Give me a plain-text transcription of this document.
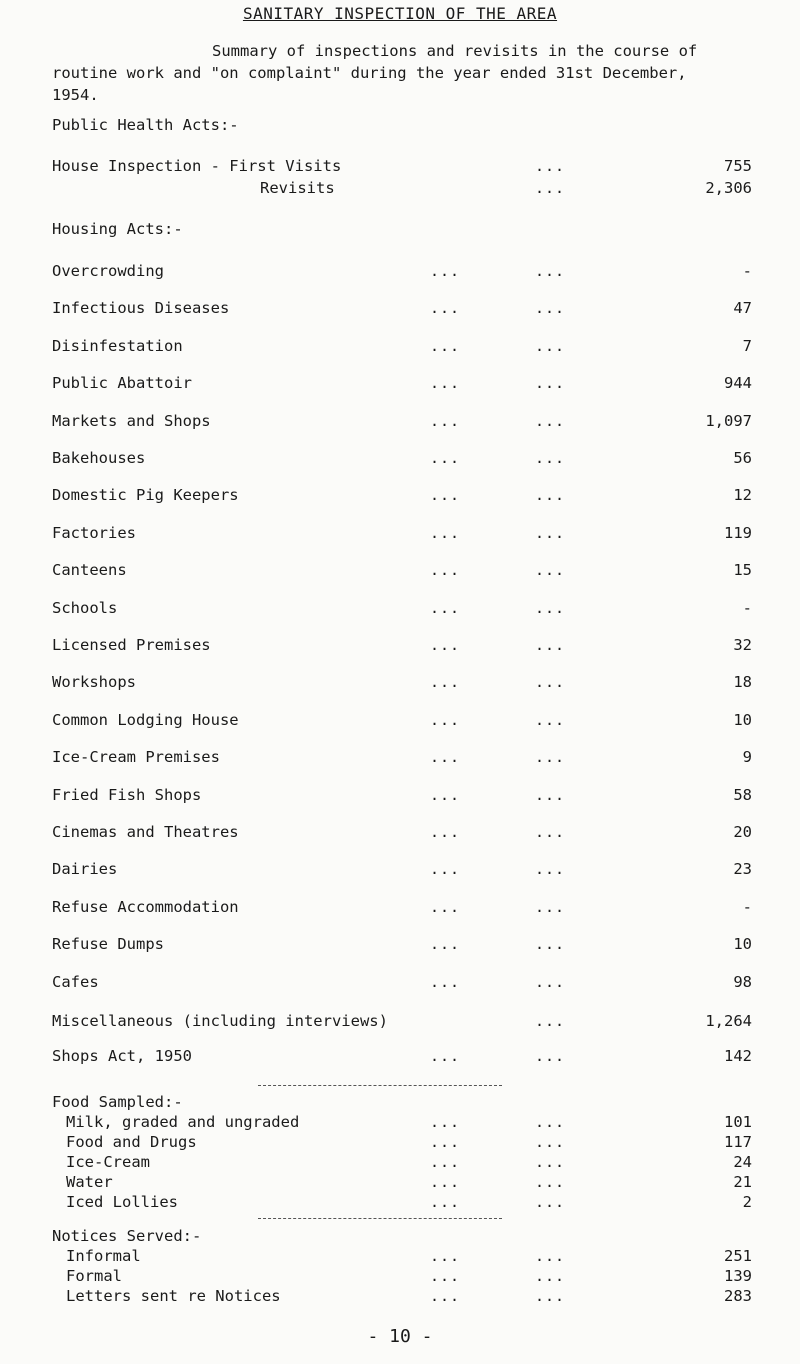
SANITARY INSPECTION OF THE AREA
Summary of inspections and revisits in the course of
routine work and "on complaint" during the year ended 31st December,
1954.
Public Health Acts:-
House Inspection - First Visits	...	755
Revisits	...	2,306
Housing Acts:-
Overcrowding	...	...	-
Infectious Diseases	...	...	47
Disinfestation	...	...	7
Public Abattoir	...	...	944
Markets and Shops	...	...	1,097
Bakehouses	...	...	56
Domestic Pig Keepers	...	...	12
Factories	...	...	119
Canteens	...	...	15
Schools	...	...	-
Licensed Premises	...	...	32
Workshops	...	...	18
Common Lodging House	...	...	10
Ice-Cream Premises	...	...	9
Fried Fish Shops	...	...	58
Cinemas and Theatres	...	...	20
Dairies	...	...	23
Refuse Accommodation	...	...	-
Refuse Dumps	...	...	10
Cafes	...	...	98
Miscellaneous (including interviews)	...	1,264
Shops Act, 1950	...	...	142
Food Sampled:-
Milk, graded and ungraded	...	...	101
Food and Drugs	...	...	117
Ice-Cream	...	...	24
Water	...	...	21
Iced Lollies	...	...	2
Notices Served:-
Informal	...	...	251
Formal	...	...	139
Letters sent re Notices	...	...	283
- 10 -
